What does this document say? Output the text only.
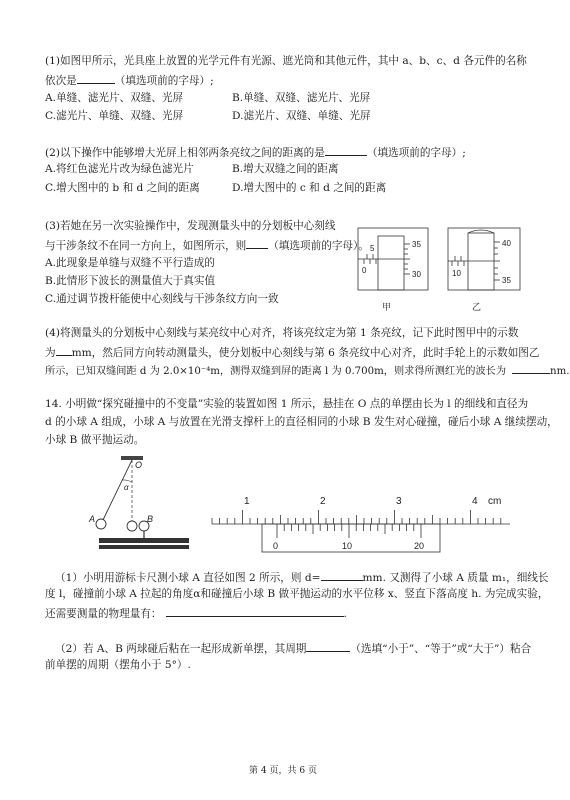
(1)如图甲所示，光具座上放置的光学元件有光源、遮光筒和其他元件，其中 a、b、c、d 各元件的名称
依次是	（填选项前的字母）;
A.单缝、滤光片、双缝、光屏	B.单缝、双缝、滤光片、光屏
C.滤光片、单缝、双缝、光屏	D.滤光片、双缝、单缝、光屏
(2)以下操作中能够增大光屏上相邻两条亮纹之间的距离的是	（填选项前的字母）;
A.将红色滤光片改为绿色滤光片	B.增大双缝之间的距离
C.增大图中的 b 和 d 之间的距离	D.增大图中的 c 和 d 之间的距离
(3)若她在另一次实验操作中，发现测量头中的分划板中心刻线
与干涉条纹不在同一方向上，如图所示，则 （填选项前的字母）。
A.此现象是单缝与双缝不平行造成的
B.此情形下波长的测量值大于真实值
C.通过调节拨杆能使中心刻线与干涉条纹方向一致
35
30
0
5
甲
40
35
10
乙
(4)将测量头的分划板中心刻线与某亮纹中心对齐，将该亮纹定为第 1 条亮纹，记下此时图甲中的示数
为 mm，然后同方向转动测量头，使分划板中心刻线与第 6 条亮纹中心对齐，此时手轮上的示数如图乙
所示，已知双缝间距 d 为 2.0×10⁻⁴m，测得双缝到屏的距离 l 为 0.700m，则求得所测红光的波长为	nm.
14. 小明做“探究碰撞中的不变量”实验的装置如图 1 所示，悬挂在 O 点的单摆由长为 l 的细线和直径为
d 的小球 A 组成，小球 A 与放置在光滑支撑杆上的直径相同的小球 B 发生对心碰撞，碰后小球 A 继续摆动，
小球 B 做平抛运动。
O
α
A	B
1	2	3	4 cm
0	10	20
（1）小明用游标卡尺测小球 A 直径如图 2 所示，则 d=	mm. 又测得了小球 A 质量 m₁，细线长
度 l，碰撞前小球 A 拉起的角度α和碰撞后小球 B 做平抛运动的水平位移 x、竖直下落高度 h. 为完成实验，
还需要测量的物理量有：	.
（2）若 A、B 两球碰后粘在一起形成新单摆，其周期	（选填“小于”、“等于”或“大于”）粘合
前单摆的周期（摆角小于 5°）.
第 4 页，共 6 页
